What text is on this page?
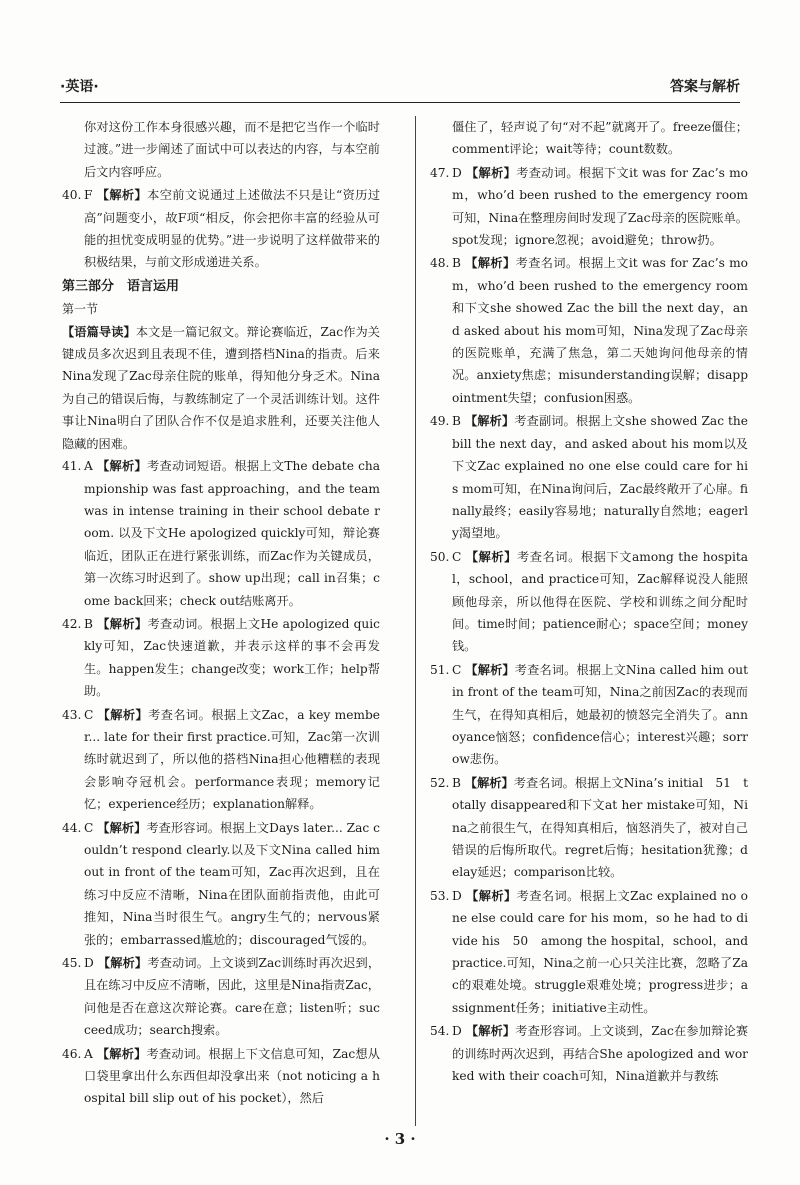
·英语·	答案与解析

你对这份工作本身很感兴趣，而不是把它当作一个临时过渡。”进一步阐述了面试中可以表达的内容，与本空前后文内容呼应。

40. F 【解析】本空前文说通过上述做法不只是让“资历过高”问题变小，故F项“相反，你会把你丰富的经验从可能的担忧变成明显的优势。”进一步说明了这样做带来的积极结果，与前文形成递进关系。

第三部分　语言运用

第一节

【语篇导读】本文是一篇记叙文。辩论赛临近，Zac作为关键成员多次迟到且表现不佳，遭到搭档Nina的指责。后来Nina发现了Zac母亲住院的账单，得知他分身乏术。Nina为自己的错误后悔，与教练制定了一个灵活训练计划。这件事让Nina明白了团队合作不仅是追求胜利，还要关注他人隐藏的困难。

41. A 【解析】考查动词短语。根据上文The debate championship was fast approaching，and the team was in intense training in their school debate room. 以及下文He apologized quickly可知，辩论赛临近，团队正在进行紧张训练，而Zac作为关键成员，第一次练习时迟到了。show up出现；call in召集；come back回来；check out结账离开。

42. B 【解析】考查动词。根据上文He apologized quickly可知，Zac快速道歉，并表示这样的事不会再发生。happen发生；change改变；work工作；help帮助。

43. C 【解析】考查名词。根据上文Zac，a key member... late for their first practice.可知，Zac第一次训练时就迟到了，所以他的搭档Nina担心他糟糕的表现会影响夺冠机会。performance表现；memory记忆；experience经历；explanation解释。

44. C 【解析】考查形容词。根据上文Days later... Zac couldn’t respond clearly.以及下文Nina called him out in front of the team可知，Zac再次迟到，且在练习中反应不清晰，Nina在团队面前指责他，由此可推知，Nina当时很生气。angry生气的；nervous紧张的；embarrassed尴尬的；discouraged气馁的。

45. D 【解析】考查动词。上文谈到Zac训练时再次迟到，且在练习中反应不清晰，因此，这里是Nina指责Zac，问他是否在意这次辩论赛。care在意；listen听；succeed成功；search搜索。

46. A 【解析】考查动词。根据上下文信息可知，Zac想从口袋里拿出什么东西但却没拿出来（not noticing a hospital bill slip out of his pocket），然后

僵住了，轻声说了句“对不起”就离开了。freeze僵住；comment评论；wait等待；count数数。

47. D 【解析】考查动词。根据下文it was for Zac’s mom，who’d been rushed to the emergency room可知，Nina在整理房间时发现了Zac母亲的医院账单。spot发现；ignore忽视；avoid避免；throw扔。

48. B 【解析】考查名词。根据上文it was for Zac’s mom，who’d been rushed to the emergency room和下文she showed Zac the bill the next day，and asked about his mom可知，Nina发现了Zac母亲的医院账单，充满了焦急，第二天她询问他母亲的情况。anxiety焦虑；misunderstanding误解；disappointment失望；confusion困惑。

49. B 【解析】考查副词。根据上文she showed Zac the bill the next day，and asked about his mom以及下文Zac explained no one else could care for his mom可知，在Nina询问后，Zac最终敞开了心扉。finally最终；easily容易地；naturally自然地；eagerly渴望地。

50. C 【解析】考查名词。根据下文among the hospital，school，and practice可知，Zac解释说没人能照顾他母亲，所以他得在医院、学校和训练之间分配时间。time时间；patience耐心；space空间；money钱。

51. C 【解析】考查名词。根据上文Nina called him out in front of the team可知，Nina之前因Zac的表现而生气，在得知真相后，她最初的愤怒完全消失了。annoyance恼怒；confidence信心；interest兴趣；sorrow悲伤。

52. B 【解析】考查名词。根据上文Nina’s initial　51　totally disappeared和下文at her mistake可知，Nina之前很生气，在得知真相后，恼怒消失了，被对自己错误的后悔所取代。regret后悔；hesitation犹豫；delay延迟；comparison比较。

53. D 【解析】考查名词。根据上文Zac explained no one else could care for his mom，so he had to divide his　50　among the hospital，school，and practice.可知，Nina之前一心只关注比赛，忽略了Zac的艰难处境。struggle艰难处境；progress进步；assignment任务；initiative主动性。

54. D 【解析】考查形容词。上文谈到，Zac在参加辩论赛的训练时两次迟到，再结合She apologized and worked with their coach可知，Nina道歉并与教练

· 3 ·
